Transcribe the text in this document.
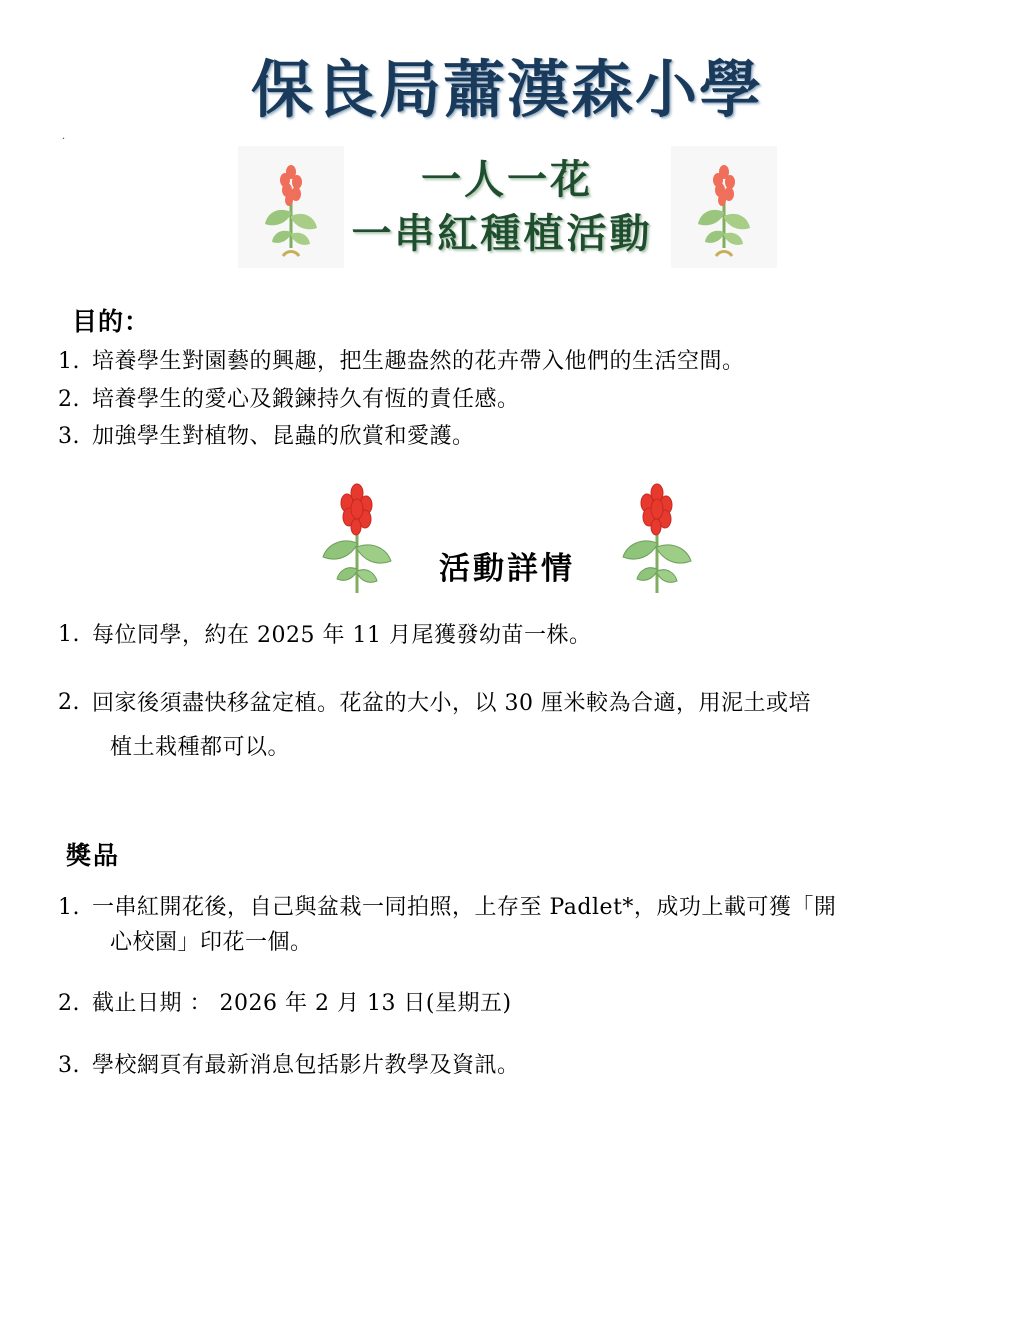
.
保良局蕭漢森小學
一人一花
一串紅種植活動
目的：
1. 培養學生對園藝的興趣，把生趣盎然的花卉帶入他們的生活空間。
2. 培養學生的愛心及鍛鍊持久有恆的責任感。
3. 加強學生對植物、昆蟲的欣賞和愛護。
活動詳情
1. 每位同學，約在 2025 年 11 月尾獲發幼苗一株。
2. 回家後須盡快移盆定植。花盆的大小，以 30 厘米較為合適，用泥土或培
植土栽種都可以。
獎品
1. 一串紅開花後，自己與盆栽一同拍照，上存至 Padlet*，成功上載可獲「開
心校園」印花一個。
2. 截止日期 ： 2026 年 2 月 13 日(星期五)
3. 學校網頁有最新消息包括影片教學及資訊。
